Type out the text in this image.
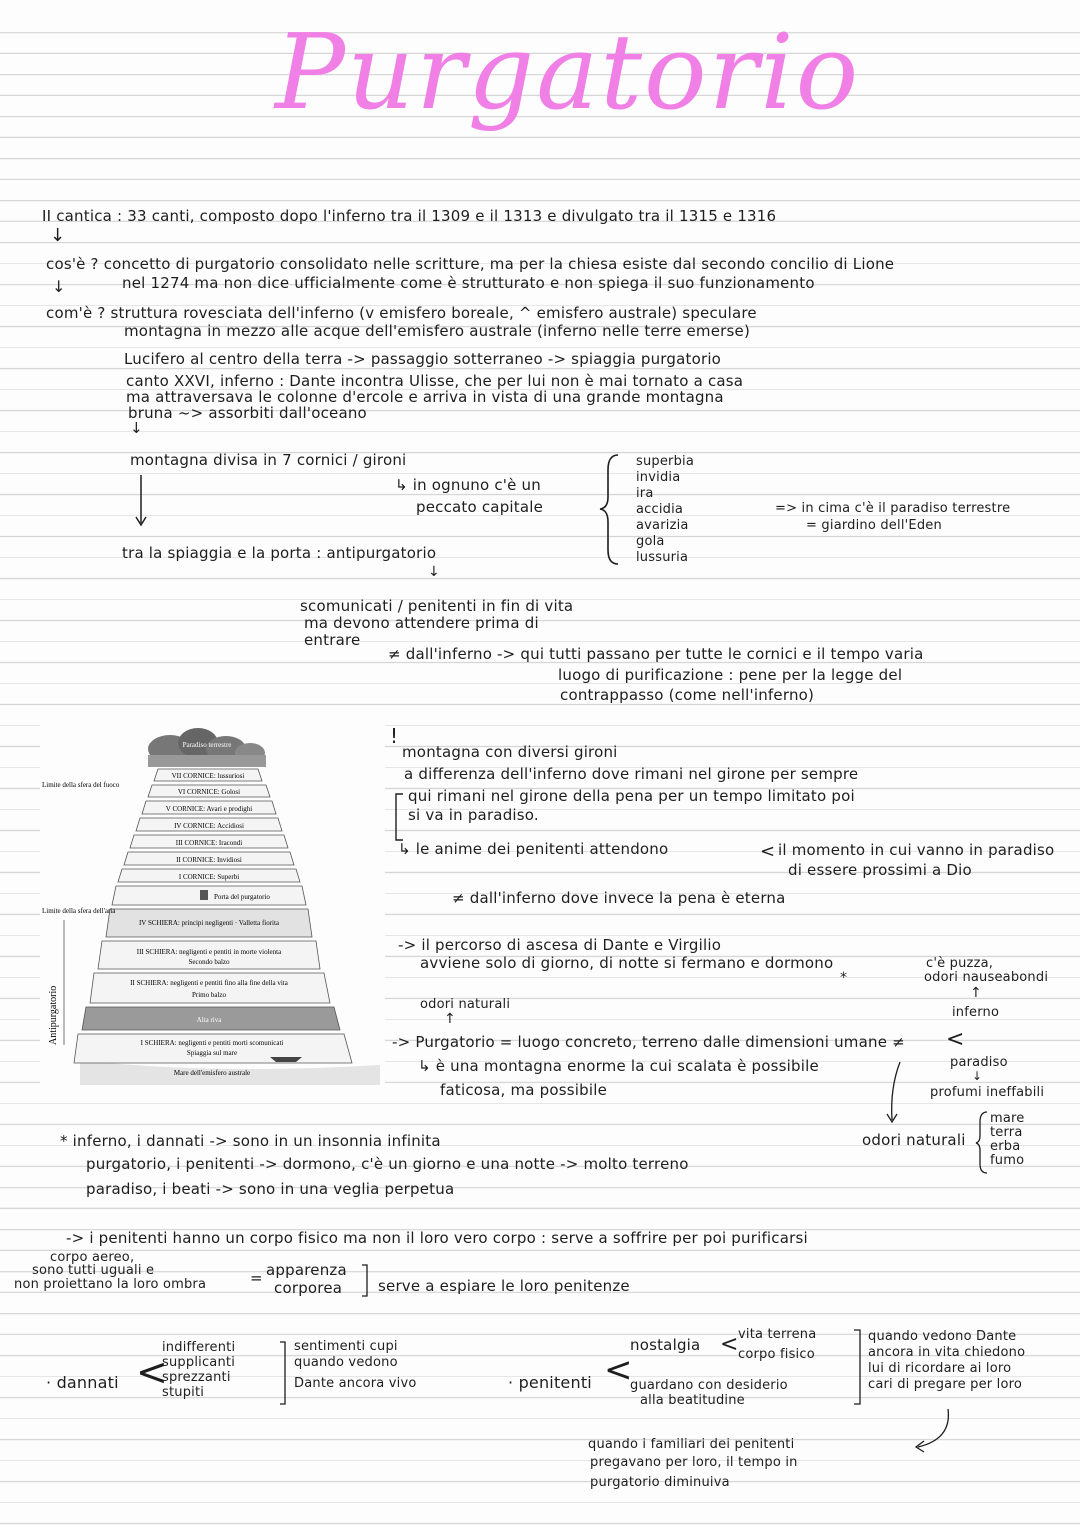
Purgatorio
II cantica : 33 canti, composto dopo l'inferno tra il 1309 e il 1313 e divulgato tra il 1315 e 1316
↓
cos'è ? concetto di purgatorio consolidato nelle scritture, ma per la chiesa esiste dal secondo concilio di Lione
nel 1274 ma non dice ufficialmente come è strutturato e non spiega il suo funzionamento
↓
com'è ? struttura rovesciata dell'inferno (v emisfero boreale, ^ emisfero australe) speculare
montagna in mezzo alle acque dell'emisfero australe (inferno nelle terre emerse)
Lucifero al centro della terra -> passaggio sotterraneo -> spiaggia purgatorio
canto XXVI, inferno : Dante incontra Ulisse, che per lui non è mai tornato a casa
ma attraversava le colonne d'ercole e arriva in vista di una grande montagna
bruna ~> assorbiti dall'oceano
↓
montagna divisa in 7 cornici / gironi
↳ in ognuno c'è un
peccato capitale
superbia
invidia
ira
accidia
avarizia
gola
lussuria
=> in cima c'è il paradiso terrestre
= giardino dell'Eden
tra la spiaggia e la porta : antipurgatorio
↓
scomunicati / penitenti in fin di vita
ma devono attendere prima di
entrare
≠ dall'inferno -> qui tutti passano per tutte le cornici e il tempo varia
luogo di purificazione : pene per la legge del
contrappasso (come nell'inferno)
Paradiso terrestre
VII CORNICE: lussuriosi
VI CORNICE: Golosi
V CORNICE: Avari e prodighi
IV CORNICE: Accidiosi
III CORNICE: Iracondi
II CORNICE: Invidiosi
I CORNICE: Superbi
Porta del purgatorio
IV SCHIERA: principi negligenti · Valletta fiorita
III SCHIERA: negligenti e pentiti in morte violenta
Secondo balzo
II SCHIERA: negligenti e pentiti fino alla fine della vita
Primo balzo
Alta riva
I SCHIERA: negligenti e pentiti morti scomunicati
Spiaggia sul mare
Mare dell'emisfero australe
Limite della sfera del fuoco
Limite della sfera dell'aria
Antipurgatorio
!
montagna con diversi gironi
a differenza dell'inferno dove rimani nel girone per sempre
qui rimani nel girone della pena per un tempo limitato poi
si va in paradiso.
↳ le anime dei penitenti attendono	< il momento in cui vanno in paradiso
di essere prossimi a Dio
≠ dall'inferno dove invece la pena è eterna
-> il percorso di ascesa di Dante e Virgilio
avviene solo di giorno, di notte si fermano e dormono
*
c'è puzza,
odori nauseabondi
odori naturali
↑
↑
inferno
-> Purgatorio = luogo concreto, terreno dalle dimensioni umane ≠ <
↳ è una montagna enorme la cui scalata è possibile
faticosa, ma possibile
paradiso
↓
profumi ineffabili
odori naturali
mare
terra
erba
fumo
* inferno, i dannati -> sono in un insonnia infinita
purgatorio, i penitenti -> dormono, c'è un giorno e una notte -> molto terreno
paradiso, i beati -> sono in una veglia perpetua
-> i penitenti hanno un corpo fisico ma non il loro vero corpo : serve a soffrire per poi purificarsi
corpo aereo,
sono tutti uguali e
non proiettano la loro ombra	= apparenza
corporea serve a espiare le loro penitenze
· dannati <
indifferenti
supplicanti
sprezzanti
stupiti
sentimenti cupi
quando vedono
Dante ancora vivo	· penitenti <
nostalgia < vita terrena
corpo fisico
guardano con desiderio
alla beatitudine
quando vedono Dante
ancora in vita chiedono
lui di ricordare ai loro
cari di pregare per loro
quando i familiari dei penitenti
pregavano per loro, il tempo in
purgatorio diminuiva
